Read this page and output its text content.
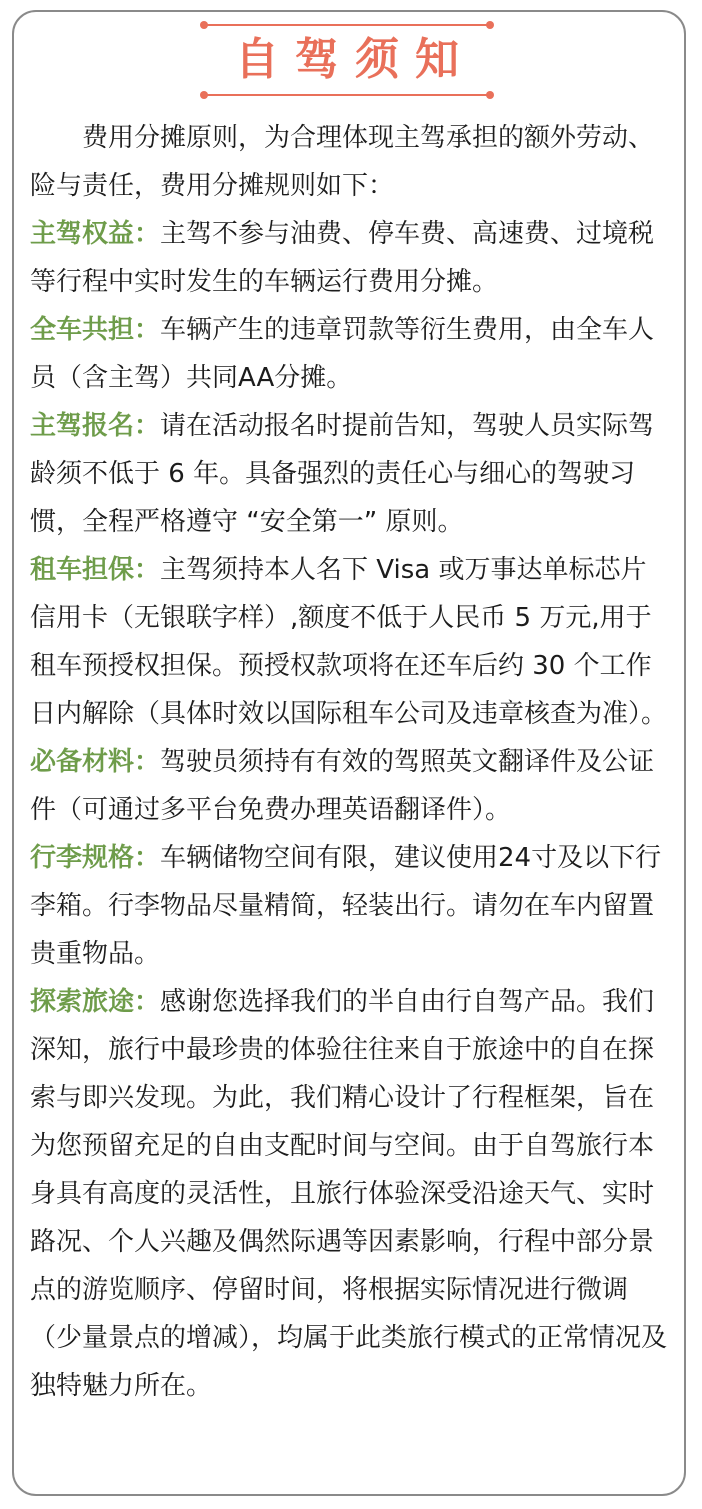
自驾须知

费用分摊原则，为合理体现主驾承担的额外劳动、险与责任，费用分摊规则如下：

主驾权益：主驾不参与油费、停车费、高速费、过境税等行程中实时发生的车辆运行费用分摊。

全车共担：车辆产生的违章罚款等衍生费用，由全车人员（含主驾）共同AA分摊。

主驾报名：请在活动报名时提前告知，驾驶人员实际驾龄须不低于 6 年。具备强烈的责任心与细心的驾驶习惯，全程严格遵守 “安全第一” 原则。

租车担保：主驾须持本人名下 Visa 或万事达单标芯片信用卡（无银联字样）,额度不低于人民币 5 万元,用于租车预授权担保。预授权款项将在还车后约 30 个工作日内解除（具体时效以国际租车公司及违章核查为准）。

必备材料：驾驶员须持有有效的驾照英文翻译件及公证件（可通过多平台免费办理英语翻译件）。

行李规格：车辆储物空间有限，建议使用24寸及以下行李箱。行李物品尽量精简，轻装出行。请勿在车内留置贵重物品。

探索旅途：感谢您选择我们的半自由行自驾产品。我们深知，旅行中最珍贵的体验往往来自于旅途中的自在探索与即兴发现。为此，我们精心设计了行程框架，旨在为您预留充足的自由支配时间与空间。由于自驾旅行本身具有高度的灵活性，且旅行体验深受沿途天气、实时路况、个人兴趣及偶然际遇等因素影响，行程中部分景点的游览顺序、停留时间，将根据实际情况进行微调（少量景点的增减），均属于此类旅行模式的正常情况及独特魅力所在。
